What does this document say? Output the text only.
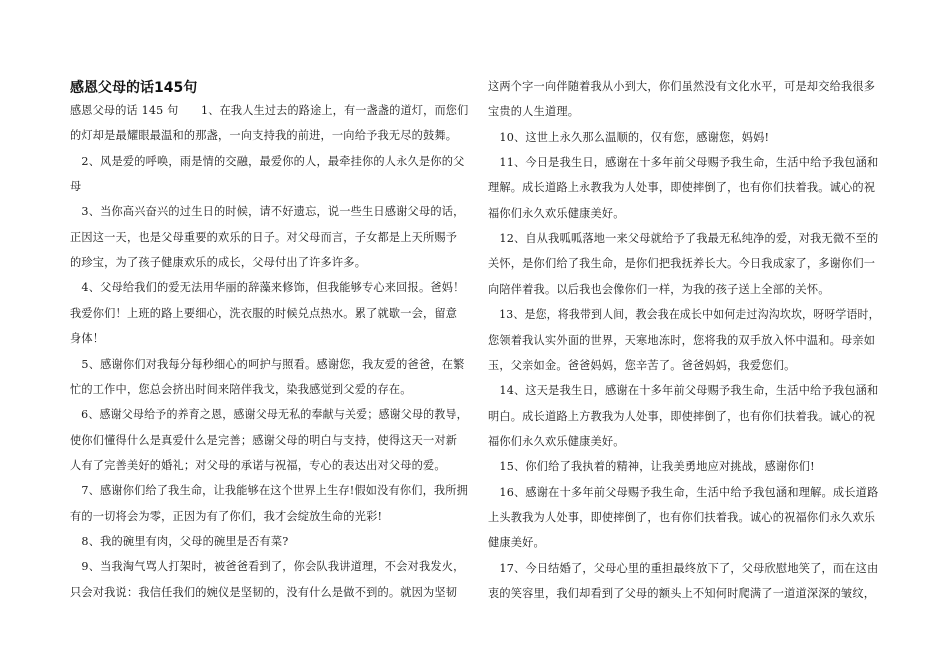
感恩父母的话145句
感恩父母的话 145 句　　1、在我人生过去的路途上，有一盏盏的道灯，而您们
的灯却是最耀眼最温和的那盏，一向支持我的前进，一向给予我无尽的鼓舞。
　2、风是爱的呼唤，雨是情的交融，最爱你的人，最牵挂你的人永久是你的父
母
　3、当你高兴奋兴的过生日的时候，请不好遗忘，说一些生日感谢父母的话，
正因这一天，也是父母重要的欢乐的日子。对父母而言，子女都是上天所赐予
的珍宝，为了孩子健康欢乐的成长，父母付出了许多许多。
　4、父母给我们的爱无法用华丽的辞藻来修饰，但我能够专心来回报。爸妈！
我爱你们！上班的路上要细心，洗衣服的时候兑点热水。累了就歇一会，留意
身体！
　5、感谢你们对我每分每秒细心的呵护与照看。感谢您，我友爱的爸爸，在繁
忙的工作中，您总会挤出时间来陪伴我戈，染我感觉到父爱的存在。
　6、感谢父母给予的养育之恩，感谢父母无私的奉献与关爱；感谢父母的教导，
使你们懂得什么是真爱什么是完善；感谢父母的明白与支持，使得这天一对新
人有了完善美好的婚礼；对父母的承诺与祝福，专心的表达出对父母的爱。
　7、感谢你们给了我生命，让我能够在这个世界上生存!假如没有你们，我所拥
有的一切将会为零，正因为有了你们，我才会绽放生命的光彩!
　8、我的碗里有肉，父母的碗里是否有菜?
　9、当我淘气骂人打架时，被爸爸看到了，你会队我讲道理，不会对我发火，
只会对我说：我信任我们的婉仪是坚韧的，没有什么是做不到的。就因为坚韧
这两个字一向伴随着我从小到大，你们虽然没有文化水平，可是却交给我很多
宝贵的人生道理。
　10、这世上永久那么温顺的，仅有您，感谢您，妈妈!
　11、今日是我生日，感谢在十多年前父母赐予我生命，生活中给予我包涵和
理解。成长道路上永教我为人处事，即使摔倒了，也有你们扶着我。诚心的祝
福你们永久欢乐健康美好。
　12、自从我呱呱落地一来父母就给予了我最无私纯净的爱，对我无微不至的
关怀，是你们给了我生命，是你们把我抚养长大。今日我成家了，多谢你们一
向陪伴着我。以后我也会像你们一样，为我的孩子送上全部的关怀。
　13、是您，将我带到人间，教会我在成长中如何走过沟沟坎坎，呀呀学语时，
您领着我认实外面的世界，天寒地冻时，您将我的双手放入怀中温和。母亲如
玉，父亲如金。爸爸妈妈，您辛苦了。爸爸妈妈，我爱您们。
　14、这天是我生日，感谢在十多年前父母赐予我生命，生活中给予我包涵和
明白。成长道路上方教我为人处事，即使摔倒了，也有你们扶着我。诚心的祝
福你们永久欢乐健康美好。
　15、你们给了我执着的精神，让我美勇地应对挑战，感谢你们!
　16、感谢在十多年前父母赐予我生命，生活中给予我包涵和理解。成长道路
上头教我为人处事，即使摔倒了，也有你们扶着我。诚心的祝福你们永久欢乐
健康美好。
　17、今日结婚了，父母心里的重担最终放下了，父母欣慰地笑了，而在这由
衷的笑容里，我们却看到了父母的额头上不知何时爬满了一道道深深的皱纹，
